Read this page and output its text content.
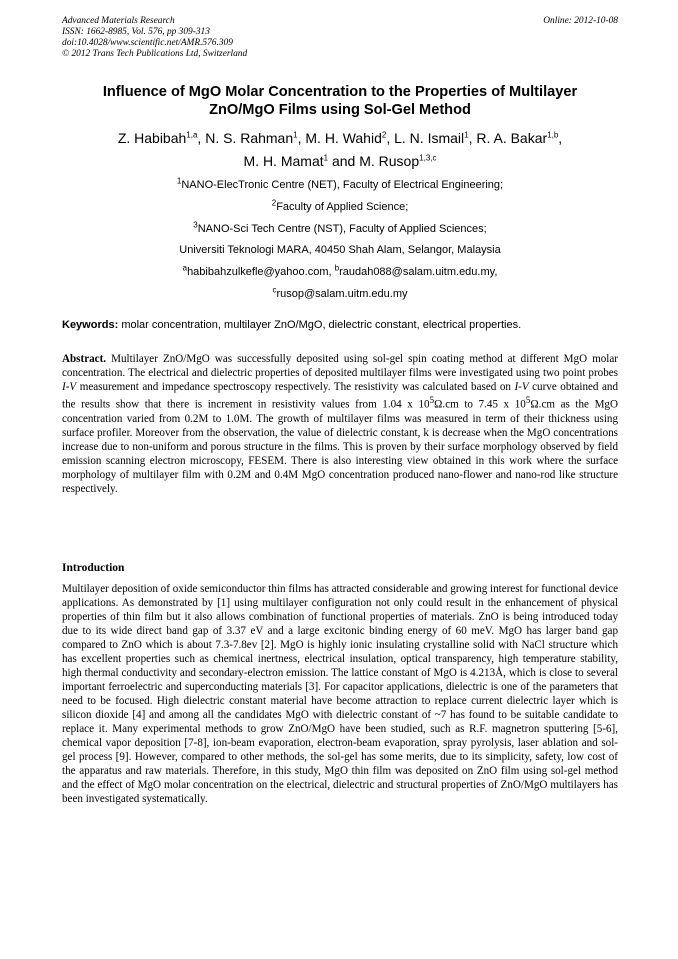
Advanced Materials Research
ISSN: 1662-8985, Vol. 576, pp 309-313
doi:10.4028/www.scientific.net/AMR.576.309
© 2012 Trans Tech Publications Ltd, Switzerland
Online: 2012-10-08
Influence of MgO Molar Concentration to the Properties of Multilayer
ZnO/MgO Films using Sol-Gel Method
Z. Habibah$^{1,a}$, N. S. Rahman$^1$, M. H. Wahid$^2$, L. N. Ismail$^1$, R. A. Bakar$^{1,b}$,
M. H. Mamat$^1$ and M. Rusop$^{1,3,c}$
$^1$NANO-ElecTronic Centre (NET), Faculty of Electrical Engineering;
$^2$Faculty of Applied Science;
$^3$NANO-Sci Tech Centre (NST), Faculty of Applied Sciences;
Universiti Teknologi MARA, 40450 Shah Alam, Selangor, Malaysia
$^a$habibahzulkefle@yahoo.com, $^b$raudah088@salam.uitm.edu.my,
$^c$rusop@salam.uitm.edu.my
Keywords: molar concentration, multilayer ZnO/MgO, dielectric constant, electrical properties.

Abstract. Multilayer ZnO/MgO was successfully deposited using sol-gel spin coating method at different MgO molar concentration. The electrical and dielectric properties of deposited multilayer films were investigated using two point probes I-V measurement and impedance spectroscopy respectively. The resistivity was calculated based on I-V curve obtained and the results show that there is increment in resistivity values from 1.04 x $10^5\Omega.cm$ to 7.45 x $10^5\Omega.cm$ as the MgO concentration varied from 0.2M to 1.0M. The growth of multilayer films was measured in term of their thickness using surface profiler. Moreover from the observation, the value of dielectric constant, k is decrease when the MgO concentrations increase due to non-uniform and porous structure in the films. This is proven by their surface morphology observed by field emission scanning electron microscopy, FESEM. There is also interesting view obtained in this work where the surface morphology of multilayer film with 0.2M and 0.4M MgO concentration produced nano-flower and nano-rod like structure respectively.

Introduction

Multilayer deposition of oxide semiconductor thin films has attracted considerable and growing interest for functional device applications. As demonstrated by [1] using multilayer configuration not only could result in the enhancement of physical properties of thin film but it also allows combination of functional properties of materials. ZnO is being introduced today due to its wide direct band gap of 3.37 eV and a large excitonic binding energy of 60 meV. MgO has larger band gap compared to ZnO which is about 7.3-7.8ev [2]. MgO is highly ionic insulating crystalline solid with NaCl structure which has excellent properties such as chemical inertness, electrical insulation, optical transparency, high temperature stability, high thermal conductivity and secondary-electron emission. The lattice constant of MgO is 4.213Å, which is close to several important ferroelectric and superconducting materials [3]. For capacitor applications, dielectric is one of the parameters that need to be focused. High dielectric constant material have become attraction to replace current dielectric layer which is silicon dioxide [4] and among all the candidates MgO with dielectric constant of ~7 has found to be suitable candidate to replace it. Many experimental methods to grow ZnO/MgO have been studied, such as R.F. magnetron sputtering [5-6], chemical vapor deposition [7-8], ion-beam evaporation, electron-beam evaporation, spray pyrolysis, laser ablation and sol-gel process [9]. However, compared to other methods, the sol-gel has some merits, due to its simplicity, safety, low cost of the apparatus and raw materials. Therefore, in this study, MgO thin film was deposited on ZnO film using sol-gel method and the effect of MgO molar concentration on the electrical, dielectric and structural properties of ZnO/MgO multilayers has been investigated systematically.
